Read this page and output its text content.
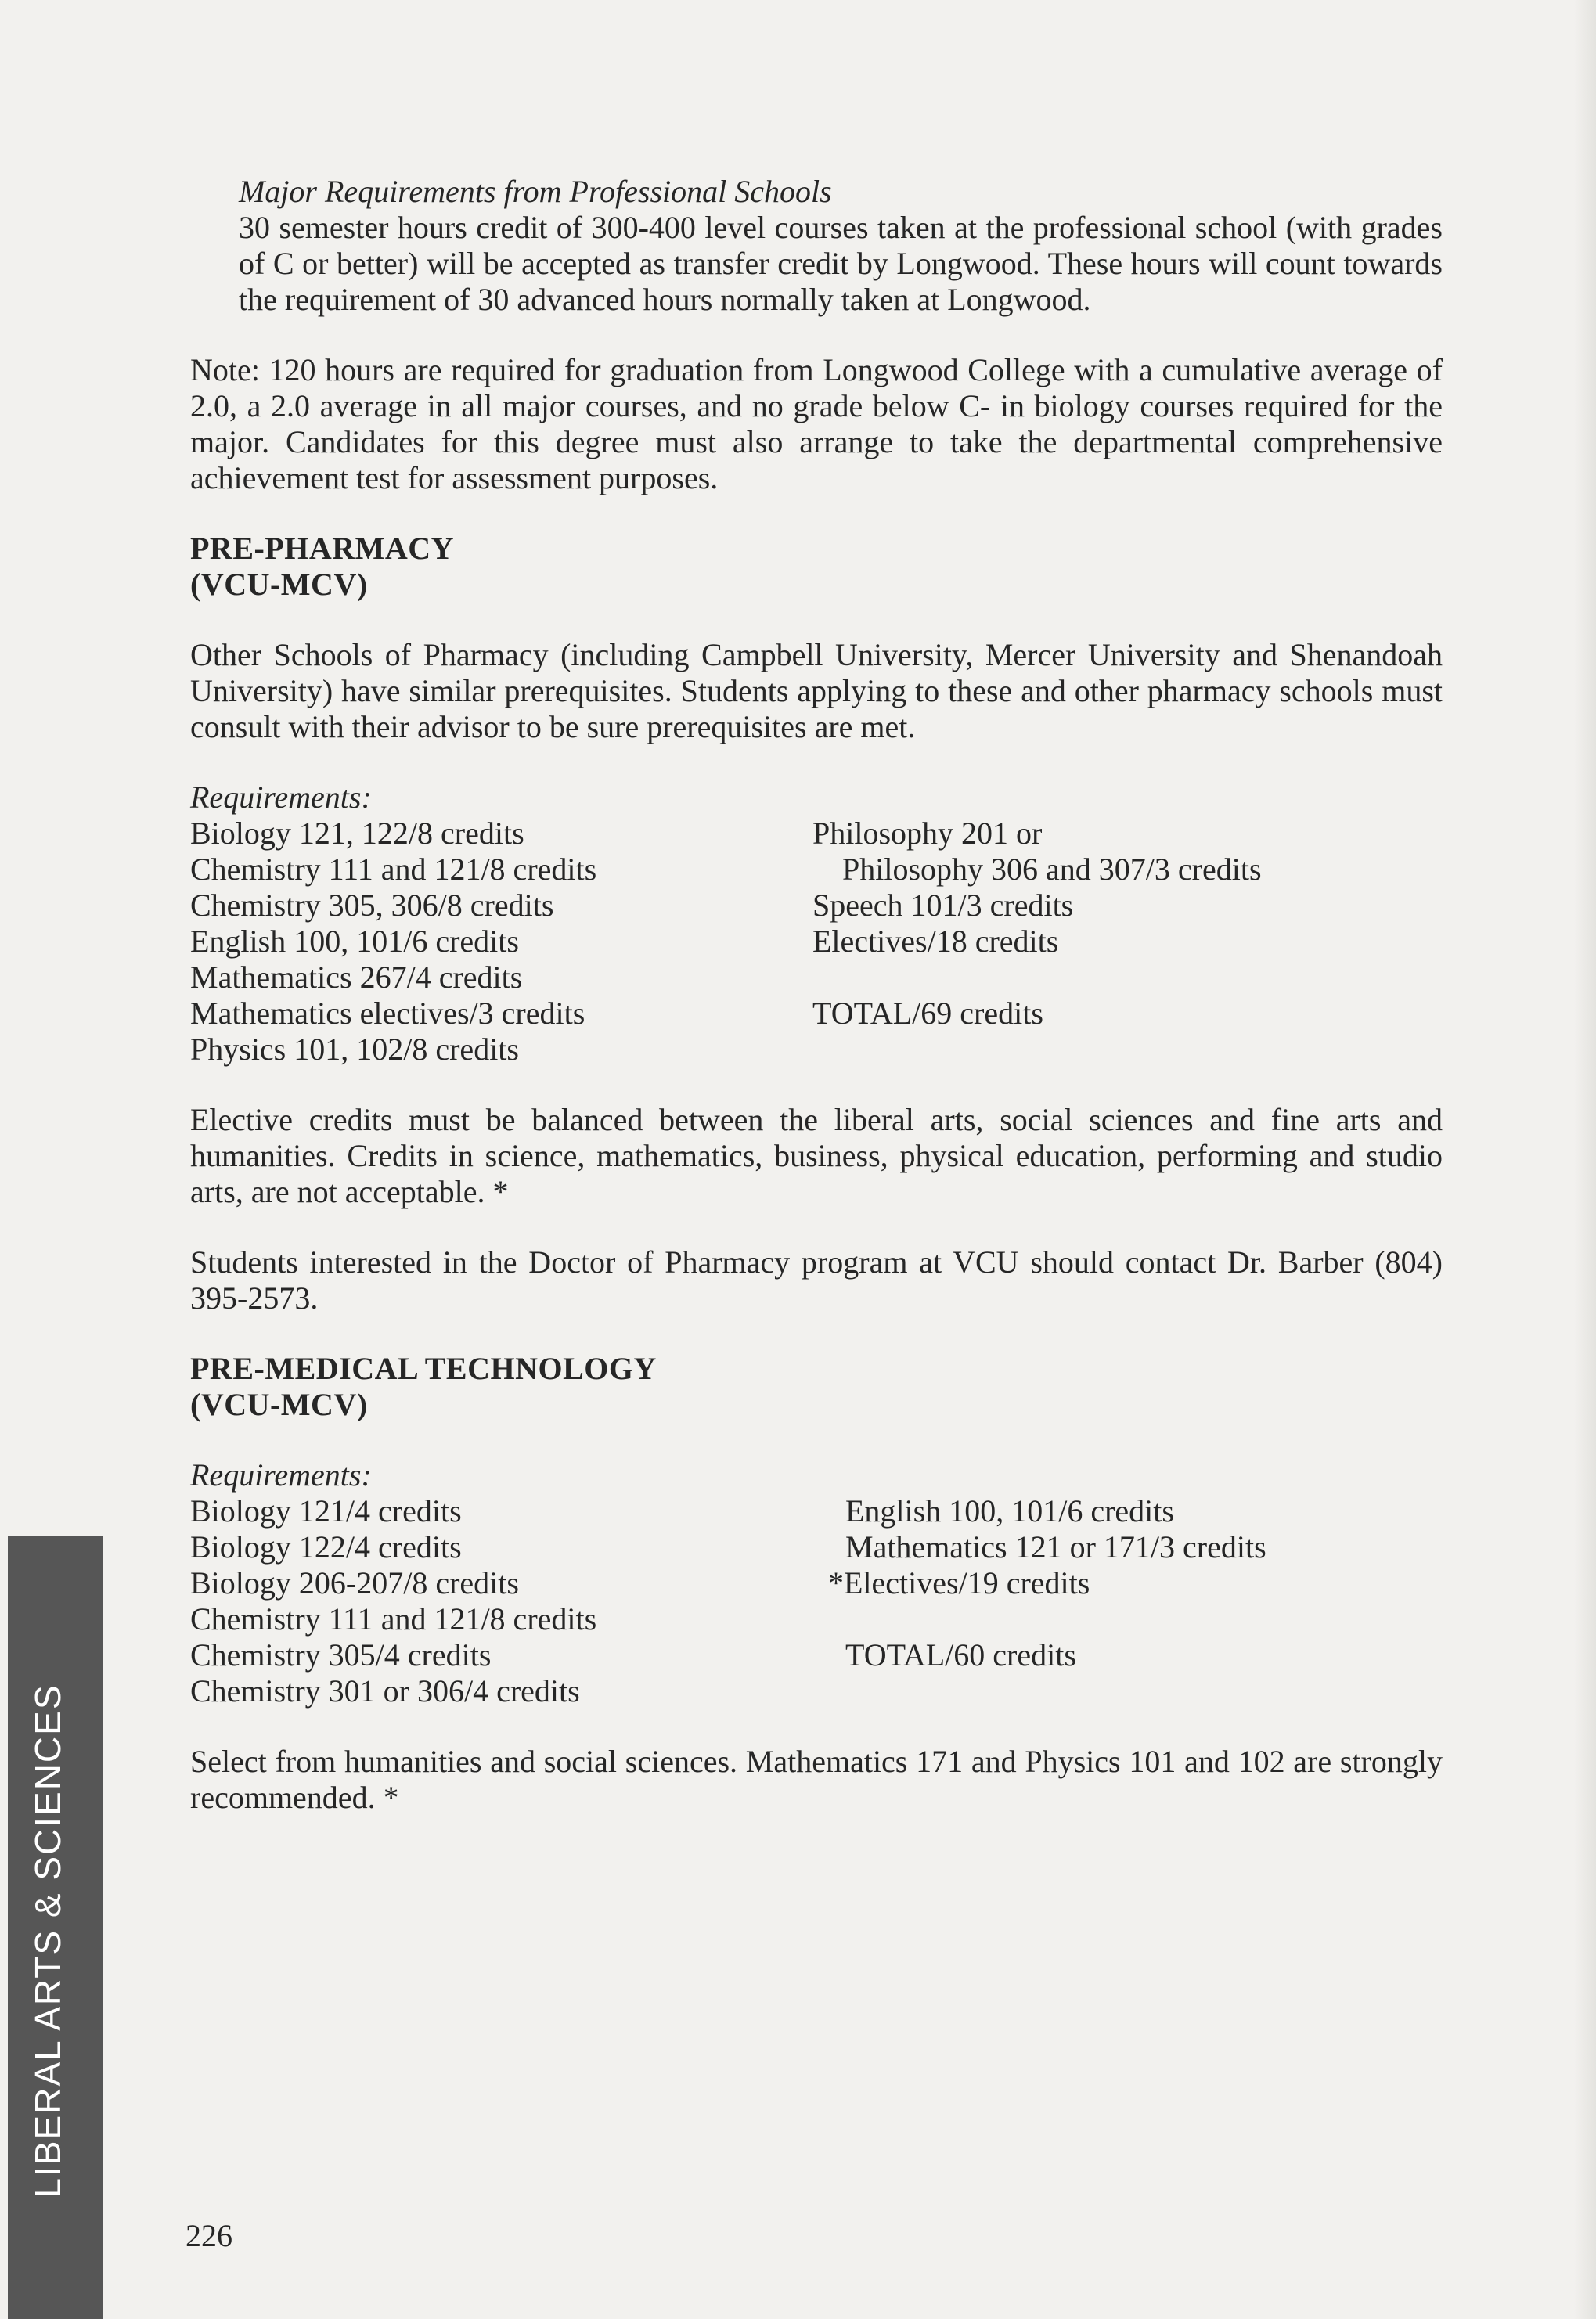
Major Requirements from Professional Schools

30 semester hours credit of 300-400 level courses taken at the professional school (with grades of C or better) will be accepted as transfer credit by Longwood. These hours will count towards the requirement of 30 advanced hours normally taken at Longwood.

Note: 120 hours are required for graduation from Longwood College with a cumulative average of 2.0, a 2.0 average in all major courses, and no grade below C- in biology courses required for the major. Candidates for this degree must also arrange to take the departmental comprehensive achievement test for assessment purposes.

PRE-PHARMACY
(VCU-MCV)

Other Schools of Pharmacy (including Campbell University, Mercer University and Shenandoah University) have similar prerequisites. Students applying to these and other pharmacy schools must consult with their advisor to be sure prerequisites are met.

Requirements:

Biology 121, 122/8 credits
Chemistry 111 and 121/8 credits
Chemistry 305, 306/8 credits
English 100, 101/6 credits
Mathematics 267/4 credits
Mathematics electives/3 credits
Physics 101, 102/8 credits
Philosophy 201 or
Philosophy 306 and 307/3 credits
Speech 101/3 credits
Electives/18 credits
TOTAL/69 credits

Elective credits must be balanced between the liberal arts, social sciences and fine arts and humanities. Credits in science, mathematics, business, physical education, performing and studio arts, are not acceptable. *

Students interested in the Doctor of Pharmacy program at VCU should contact Dr. Barber (804) 395-2573.

PRE-MEDICAL TECHNOLOGY
(VCU-MCV)

Requirements:

Biology 121/4 credits
Biology 122/4 credits
Biology 206-207/8 credits
Chemistry 111 and 121/8 credits
Chemistry 305/4 credits
Chemistry 301 or 306/4 credits
English 100, 101/6 credits
Mathematics 121 or 171/3 credits
*Electives/19 credits
TOTAL/60 credits

Select from humanities and social sciences. Mathematics 171 and Physics 101 and 102 are strongly recommended. *

LIBERAL ARTS & SCIENCES
226
